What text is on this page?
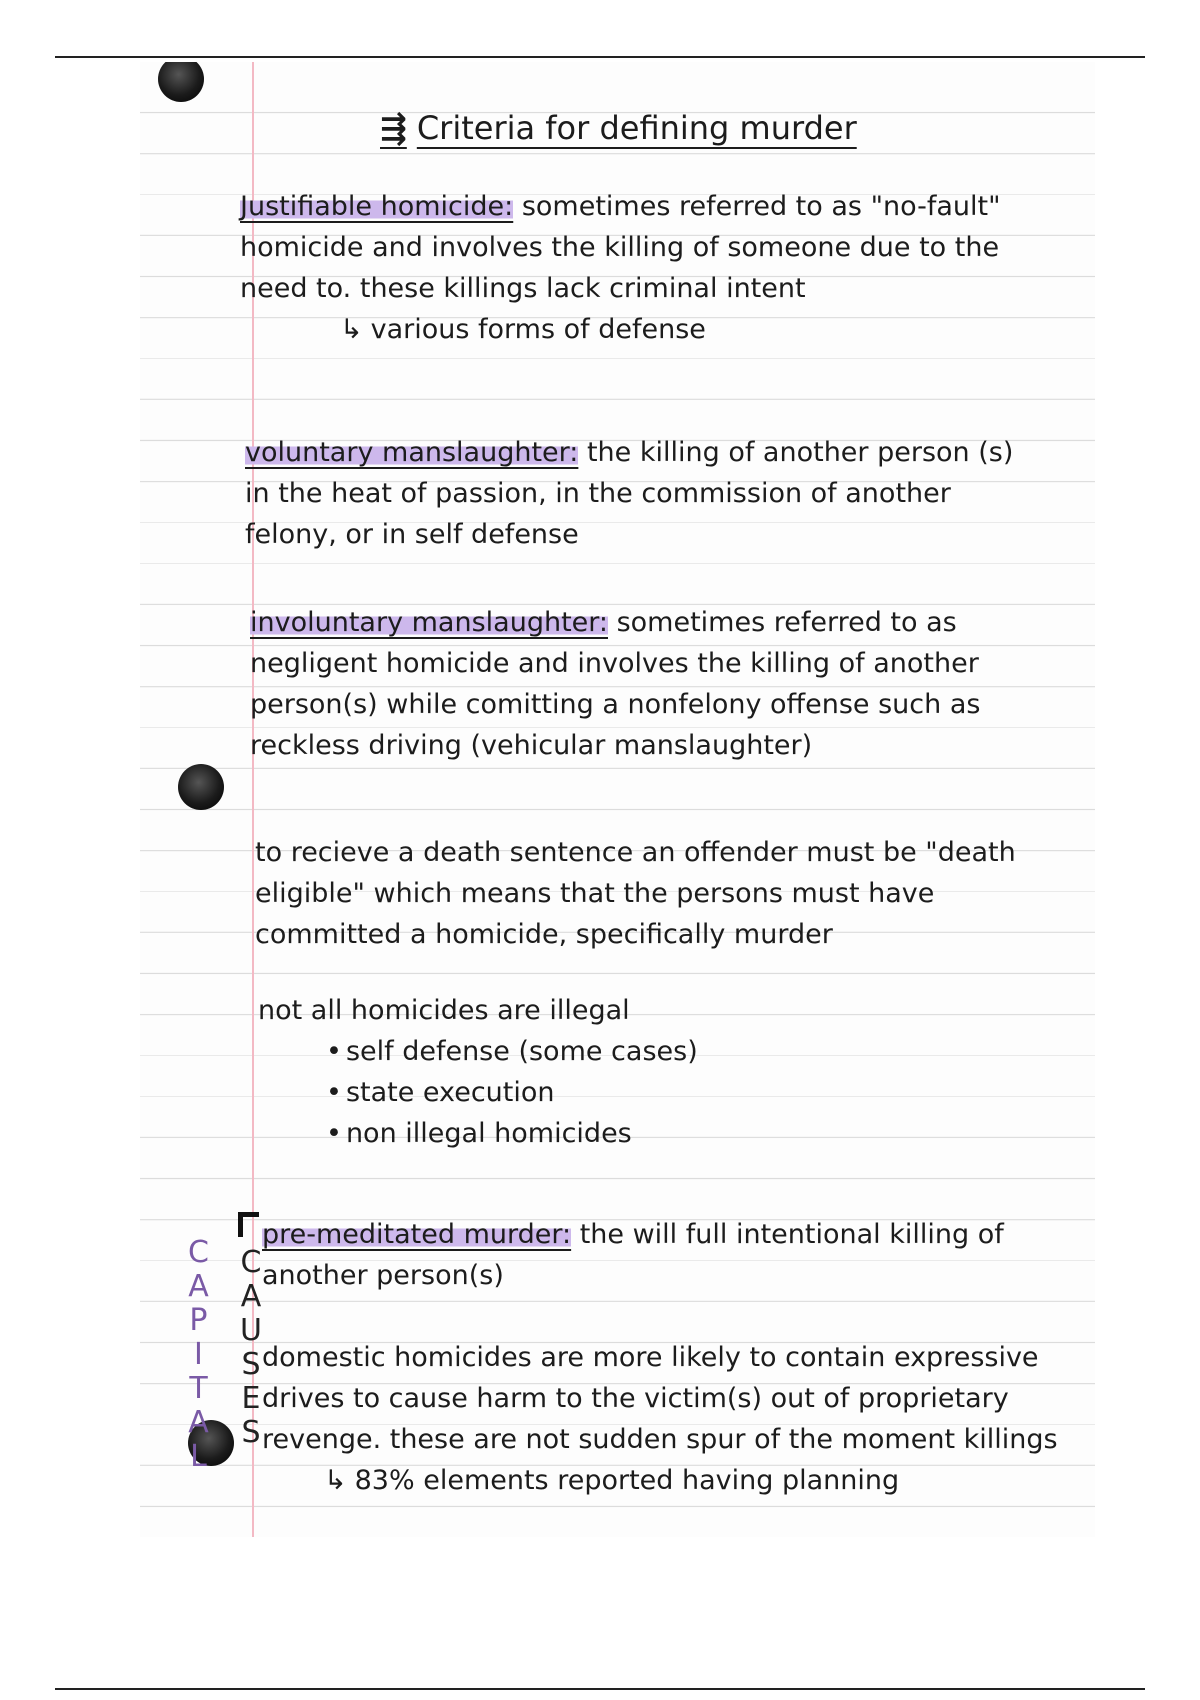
⇶ Criteria for defining murder
Justifiable homicide: sometimes referred to as "no-fault"
homicide and involves the killing of someone due to the
need to. these killings lack criminal intent
↳ various forms of defense
voluntary manslaughter: the killing of another person (s)
in the heat of passion, in the commission of another
felony, or in self defense
involuntary manslaughter: sometimes referred to as
negligent homicide and involves the killing of another
person(s) while comitting a nonfelony offense such as
reckless driving (vehicular manslaughter)
to recieve a death sentence an offender must be "death
eligible" which means that the persons must have
committed a homicide, specifically murder
not all homicides are illegal
• self defense (some cases)
• state execution
• non illegal homicides
pre-meditated murder: the will full intentional killing of
another person(s)
domestic homicides are more likely to contain expressive
drives to cause harm to the victim(s) out of proprietary
revenge. these are not sudden spur of the moment killings
↳ 83% elements reported having planning
C
A
P
I
T
A
L
C
A
U
S
E
S
